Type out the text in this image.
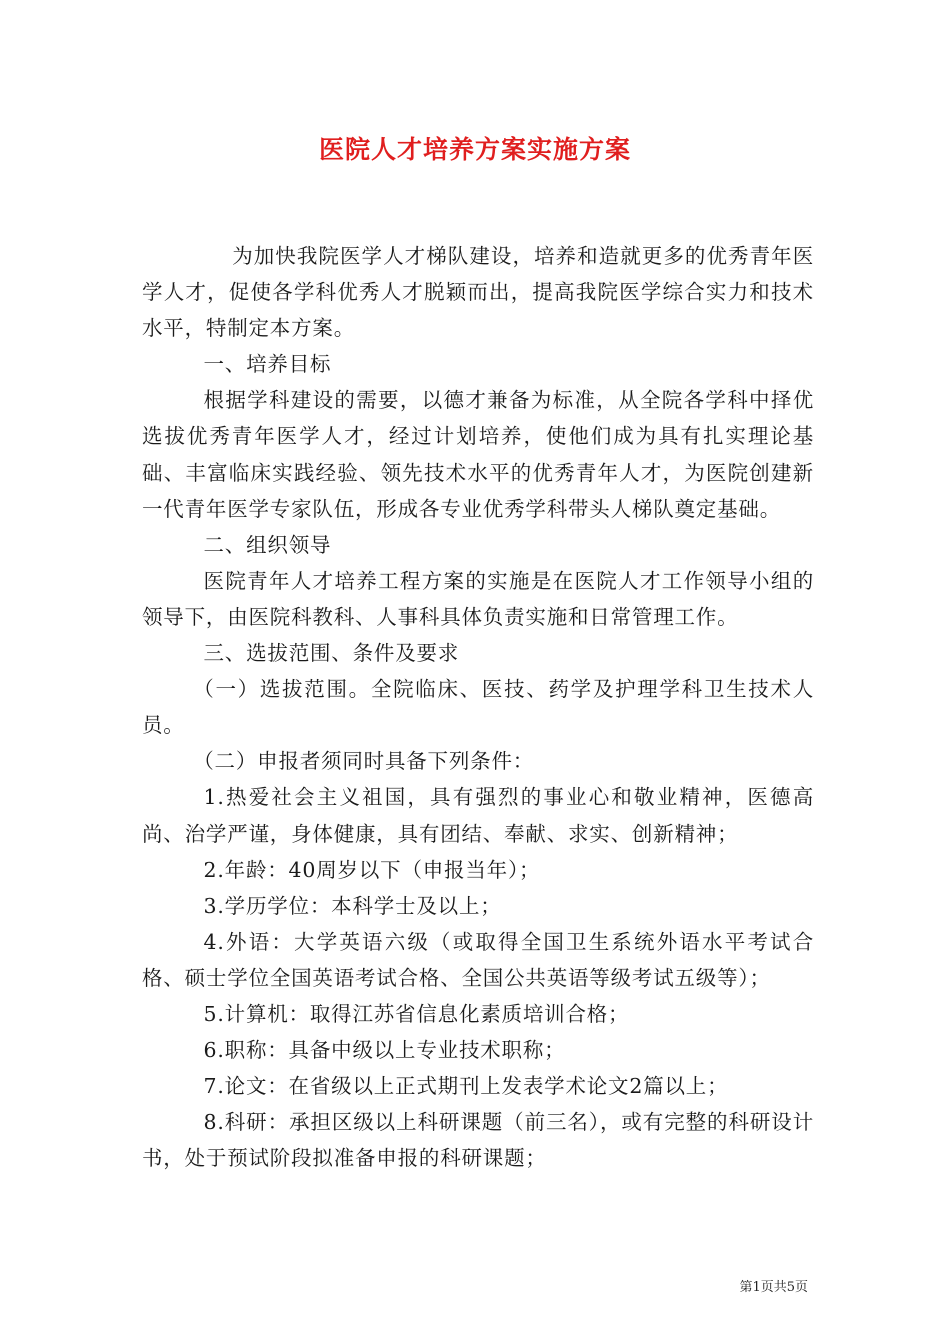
医院人才培养方案实施方案

为加快我院医学人才梯队建设，培养和造就更多的优秀青年医学人才，促使各学科优秀人才脱颖而出，提高我院医学综合实力和技术水平，特制定本方案。

一、培养目标

根据学科建设的需要，以德才兼备为标准，从全院各学科中择优选拔优秀青年医学人才，经过计划培养，使他们成为具有扎实理论基础、丰富临床实践经验、领先技术水平的优秀青年人才，为医院创建新一代青年医学专家队伍，形成各专业优秀学科带头人梯队奠定基础。

二、组织领导

医院青年人才培养工程方案的实施是在医院人才工作领导小组的领导下，由医院科教科、人事科具体负责实施和日常管理工作。

三、选拔范围、条件及要求

（一）选拔范围。全院临床、医技、药学及护理学科卫生技术人员。

（二）申报者须同时具备下列条件：

1.热爱社会主义祖国，具有强烈的事业心和敬业精神，医德高尚、治学严谨，身体健康，具有团结、奉献、求实、创新精神；

2.年龄：40周岁以下（申报当年）；

3.学历学位：本科学士及以上；

4.外语：大学英语六级（或取得全国卫生系统外语水平考试合格、硕士学位全国英语考试合格、全国公共英语等级考试五级等）；

5.计算机：取得江苏省信息化素质培训合格；

6.职称：具备中级以上专业技术职称；

7.论文：在省级以上正式期刊上发表学术论文2篇以上；

8.科研：承担区级以上科研课题（前三名），或有完整的科研设计书，处于预试阶段拟准备申报的科研课题；

第1页共5页
